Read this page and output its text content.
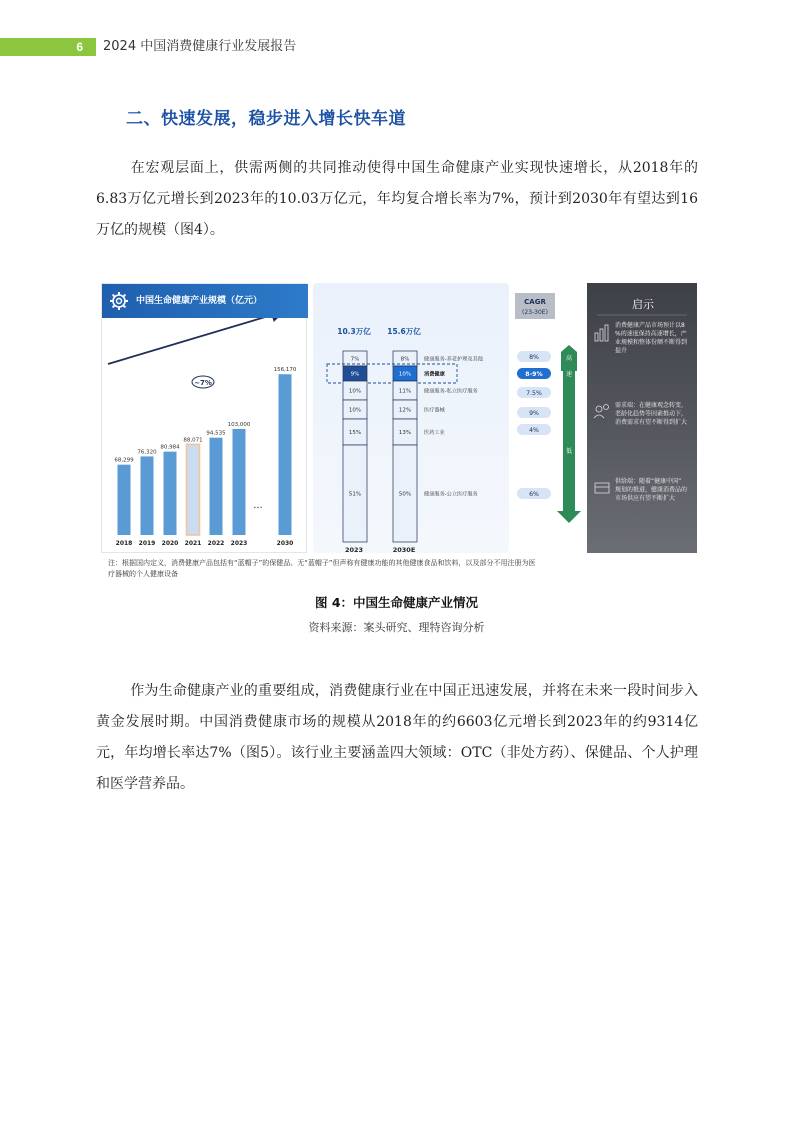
6	2024 中国消费健康行业发展报告
二、快速发展，稳步进入增长快车道
在宏观层面上，供需两侧的共同推动使得中国生命健康产业实现快速增长，从2018年的6.83万亿元增长到2023年的10.03万亿元，年均复合增长率为7%，预计到2030年有望达到16万亿的规模（图4）。
中国生命健康产业规模（亿元）
~7%
...
68,299
2018
76,320
2019
80,984
2020
88,071
2021
94,535
2022
103,000
2023
156,170
2030
10.3万亿 15.6万亿
7%	8%	健康服务-养老护理及其他
9%	10% 消费健康
10%	11% 健康服务-私立医疗服务
10%	12% 医疗器械
15%	13% 医药工业
51%	50% 健康服务-公立医疗服务
2023	2030E
CAGR
(23-30E)
8%
8-9%
7.5%
9%
4%
6%
高
速
低
启示
消费健康产品市场预计以8 %的速度保持高速增长，产业规模和整体份额不断得到提升
需求端：在健康观念转变、老龄化趋势等因素推动下，消费需求有望不断得到扩大
供给端：随着“健康中国”规划的推进，健康消费品的市场供应有望不断扩大
注：根据国内定义，消费健康产品包括有“蓝帽子”的保健品、无“蓝帽子”但声称有健康功能的其他健康食品和饮料，以及部分不用注册为医
疗器械的个人健康设备
图 4：中国生命健康产业情况
资料来源：案头研究、理特咨询分析
作为生命健康产业的重要组成，消费健康行业在中国正迅速发展，并将在未来一段时间步入黄金发展时期。中国消费健康市场的规模从2018年的约6603亿元增长到2023年的约9314亿元，年均增长率达7%（图5）。该行业主要涵盖四大领域：OTC（非处方药）、保健品、个人护理和医学营养品。
